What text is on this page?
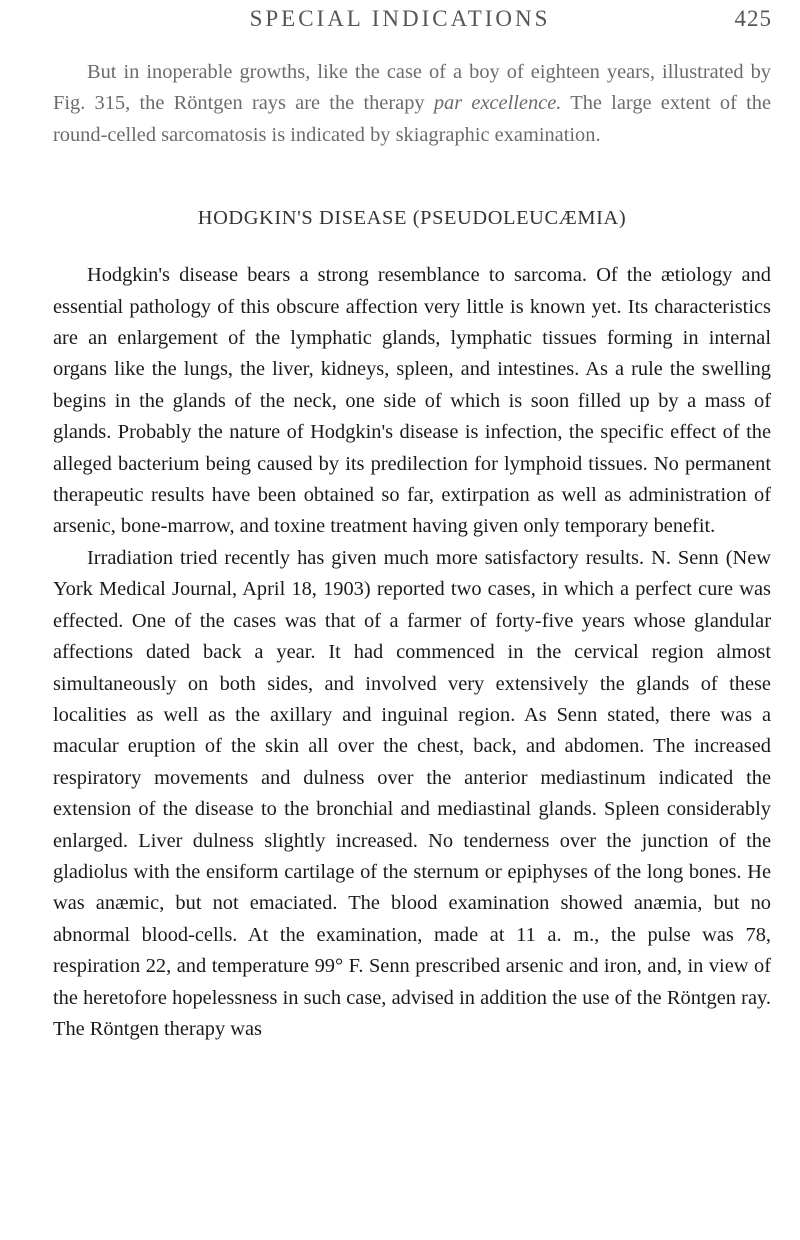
SPECIAL INDICATIONS	425

But in inoperable growths, like the case of a boy of eighteen years, illustrated by Fig. 315, the Röntgen rays are the therapy par excellence. The large extent of the round-celled sarcomatosis is indicated by skiagraphic examination.

HODGKIN'S DISEASE (PSEUDOLEUCÆMIA)

Hodgkin's disease bears a strong resemblance to sarcoma. Of the ætiology and essential pathology of this obscure affection very little is known yet. Its characteristics are an enlargement of the lymphatic glands, lymphatic tissues forming in internal organs like the lungs, the liver, kidneys, spleen, and intestines. As a rule the swelling begins in the glands of the neck, one side of which is soon filled up by a mass of glands. Probably the nature of Hodgkin's disease is infection, the specific effect of the alleged bacterium being caused by its predilection for lymphoid tissues. No permanent therapeutic results have been obtained so far, extirpation as well as administration of arsenic, bone-marrow, and toxine treatment having given only temporary benefit.

Irradiation tried recently has given much more satisfactory results. N. Senn (New York Medical Journal, April 18, 1903) reported two cases, in which a perfect cure was effected. One of the cases was that of a farmer of forty-five years whose glandular affections dated back a year. It had commenced in the cervical region almost simultaneously on both sides, and involved very extensively the glands of these localities as well as the axillary and inguinal region. As Senn stated, there was a macular eruption of the skin all over the chest, back, and abdomen. The increased respiratory movements and dulness over the anterior mediastinum indicated the extension of the disease to the bronchial and mediastinal glands. Spleen considerably enlarged. Liver dulness slightly increased. No tenderness over the junction of the gladiolus with the ensiform cartilage of the sternum or epiphyses of the long bones. He was anæmic, but not emaciated. The blood examination showed anæmia, but no abnormal blood-cells. At the examination, made at 11 a. m., the pulse was 78, respiration 22, and temperature 99° F. Senn prescribed arsenic and iron, and, in view of the heretofore hopelessness in such case, advised in addition the use of the Röntgen ray. The Röntgen therapy was
